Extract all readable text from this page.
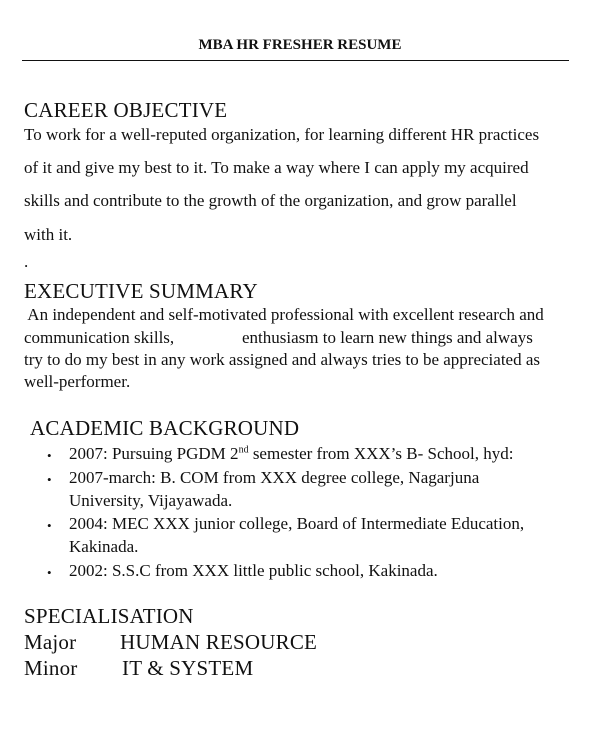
MBA HR FRESHER RESUME
CAREER OBJECTIVE
To work for a well-reputed organization, for learning different HR practices
of it and give my best to it. To make a way where I can apply my acquired
skills and contribute to the growth of the organization, and grow parallel
with it.
.
EXECUTIVE SUMMARY
An independent and self-motivated professional with excellent research and
communication skills,	enthusiasm to learn new things and always
try to do my best in any work assigned and always tries to be appreciated as
well-performer.
ACADEMIC BACKGROUND
• 2007: Pursuing PGDM 2nd semester from XXX’s B- School, hyd:
• 2007-march: B. COM from XXX degree college, Nagarjuna
University, Vijayawada.
• 2004: MEC XXX junior college, Board of Intermediate Education,
Kakinada.
• 2002: S.S.C from XXX little public school, Kakinada.
SPECIALISATION
Major HUMAN RESOURCE
Minor IT & SYSTEM
